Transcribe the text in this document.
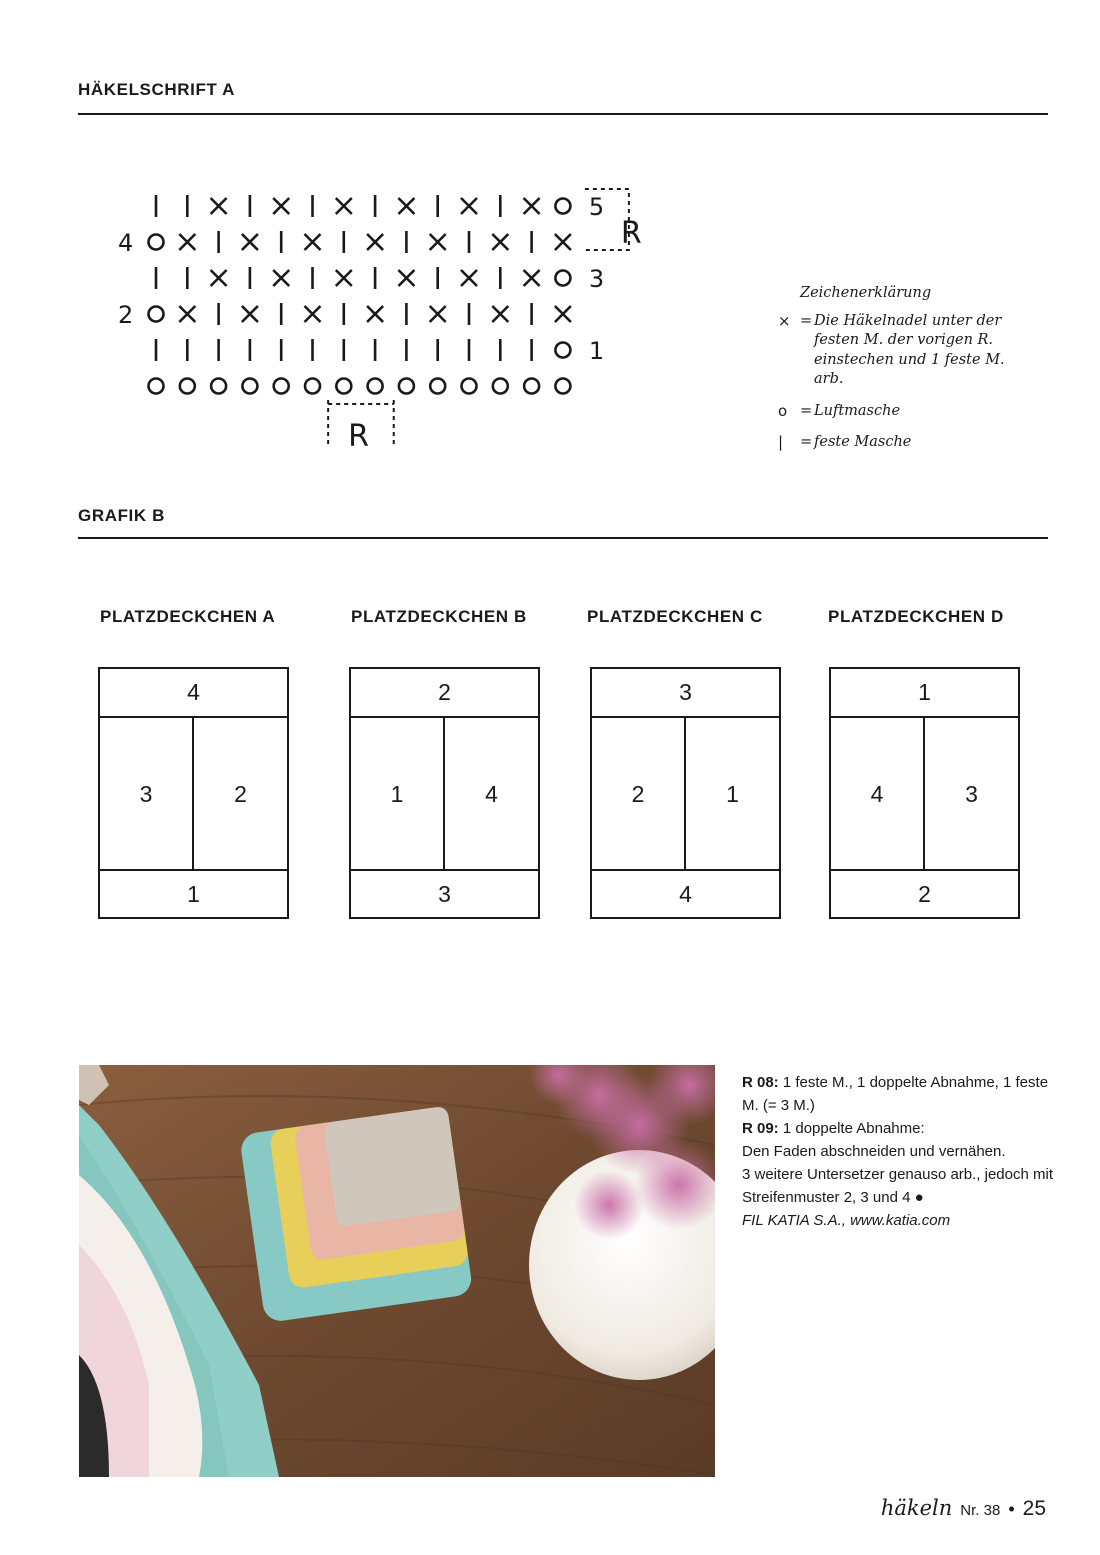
HÄKELSCHRIFT A
5
4
3
2
1
R
R

Zeichenerklärung

× = Die Häkelnadel unter der festen M. der vorigen R. einstechen und 1 feste M. arb.
o = Luftmasche
|	= feste Masche
GRAFIK B
PLATZDECKCHEN A
4
3	2
1
PLATZDECKCHEN B
2
1	4
3
PLATZDECKCHEN C
3
2	1
4
PLATZDECKCHEN D
1
4	3
2

R 08: 1 feste M., 1 doppelte Abnahme, 1 feste M. (= 3 M.)

R 09: 1 doppelte Abnahme:

Den Faden abschneiden und vernähen.

3 weitere Untersetzer genauso arb., jedoch mit Streifenmuster 2, 3 und 4 ●

FIL KATIA S.A., www.katia.com

häkeln Nr. 38 • 25
